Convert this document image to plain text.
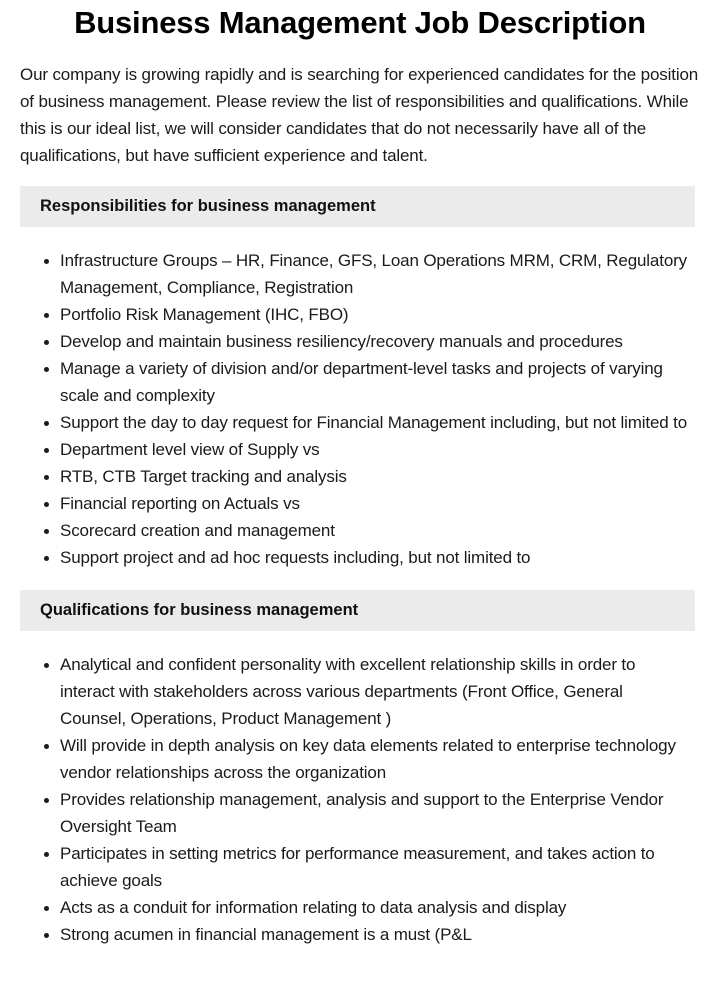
Business Management Job Description

Our company is growing rapidly and is searching for experienced candidates for the position of business management. Please review the list of responsibilities and qualifications. While this is our ideal list, we will consider candidates that do not necessarily have all of the qualifications, but have sufficient experience and talent.

Responsibilities for business management
Infrastructure Groups – HR, Finance, GFS, Loan Operations MRM, CRM, Regulatory Management, Compliance, Registration
Portfolio Risk Management (IHC, FBO)
Develop and maintain business resiliency/recovery manuals and procedures
Manage a variety of division and/or department-level tasks and projects of varying scale and complexity
Support the day to day request for Financial Management including, but not limited to
Department level view of Supply vs
RTB, CTB Target tracking and analysis
Financial reporting on Actuals vs
Scorecard creation and management
Support project and ad hoc requests including, but not limited to
Qualifications for business management
Analytical and confident personality with excellent relationship skills in order to interact with stakeholders across various departments (Front Office, General Counsel, Operations, Product Management )
Will provide in depth analysis on key data elements related to enterprise technology vendor relationships across the organization
Provides relationship management, analysis and support to the Enterprise Vendor Oversight Team
Participates in setting metrics for performance measurement, and takes action to achieve goals
Acts as a conduit for information relating to data analysis and display
Strong acumen in financial management is a must (P&L
